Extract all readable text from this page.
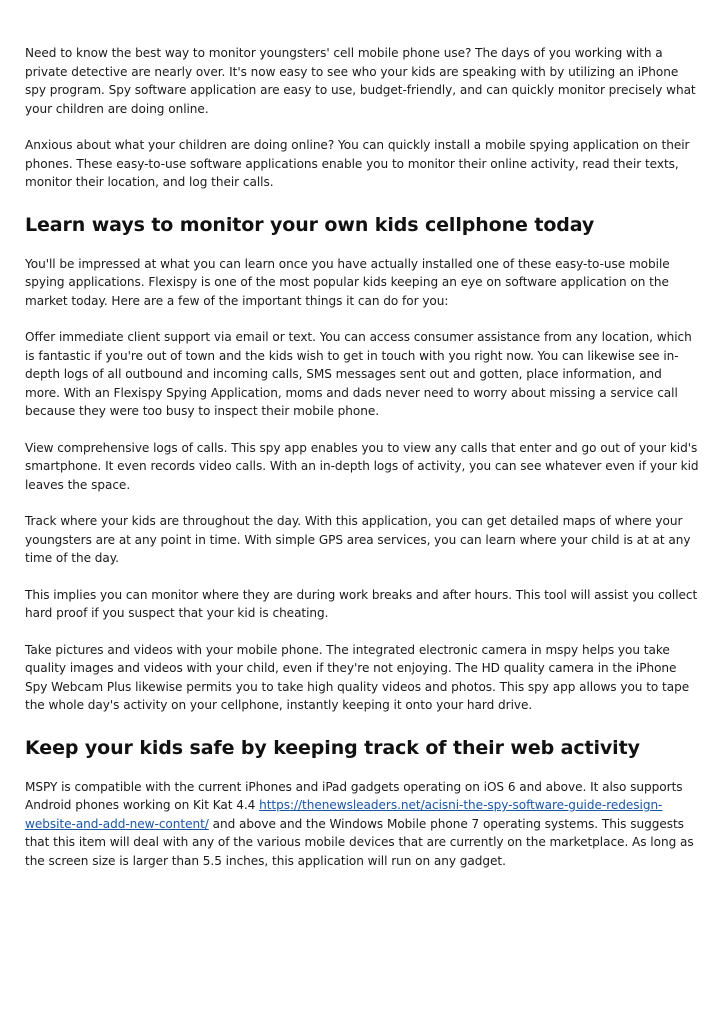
Need to know the best way to monitor youngsters' cell mobile phone use? The days of you working with a private detective are nearly over. It's now easy to see who your kids are speaking with by utilizing an iPhone spy program. Spy software application are easy to use, budget-friendly, and can quickly monitor precisely what your children are doing online.

Anxious about what your children are doing online? You can quickly install a mobile spying application on their phones. These easy-to-use software applications enable you to monitor their online activity, read their texts, monitor their location, and log their calls.

Learn ways to monitor your own kids cellphone today

You'll be impressed at what you can learn once you have actually installed one of these easy-to-use mobile spying applications. Flexispy is one of the most popular kids keeping an eye on software application on the market today. Here are a few of the important things it can do for you:

Offer immediate client support via email or text. You can access consumer assistance from any location, which is fantastic if you're out of town and the kids wish to get in touch with you right now. You can likewise see in-depth logs of all outbound and incoming calls, SMS messages sent out and gotten, place information, and more. With an Flexispy Spying Application, moms and dads never need to worry about missing a service call because they were too busy to inspect their mobile phone.

View comprehensive logs of calls. This spy app enables you to view any calls that enter and go out of your kid's smartphone. It even records video calls. With an in-depth logs of activity, you can see whatever even if your kid leaves the space.

Track where your kids are throughout the day. With this application, you can get detailed maps of where your youngsters are at any point in time. With simple GPS area services, you can learn where your child is at at any time of the day.

This implies you can monitor where they are during work breaks and after hours. This tool will assist you collect hard proof if you suspect that your kid is cheating.

Take pictures and videos with your mobile phone. The integrated electronic camera in mspy helps you take quality images and videos with your child, even if they're not enjoying. The HD quality camera in the iPhone Spy Webcam Plus likewise permits you to take high quality videos and photos. This spy app allows you to tape the whole day's activity on your cellphone, instantly keeping it onto your hard drive.

Keep your kids safe by keeping track of their web activity

MSPY is compatible with the current iPhones and iPad gadgets operating on iOS 6 and above. It also supports Android phones working on Kit Kat 4.4 https://thenewsleaders.net/acisni-the-spy-software-guide-redesign-website-and-add-new-content/ and above and the Windows Mobile phone 7 operating systems. This suggests that this item will deal with any of the various mobile devices that are currently on the marketplace. As long as the screen size is larger than 5.5 inches, this application will run on any gadget.
